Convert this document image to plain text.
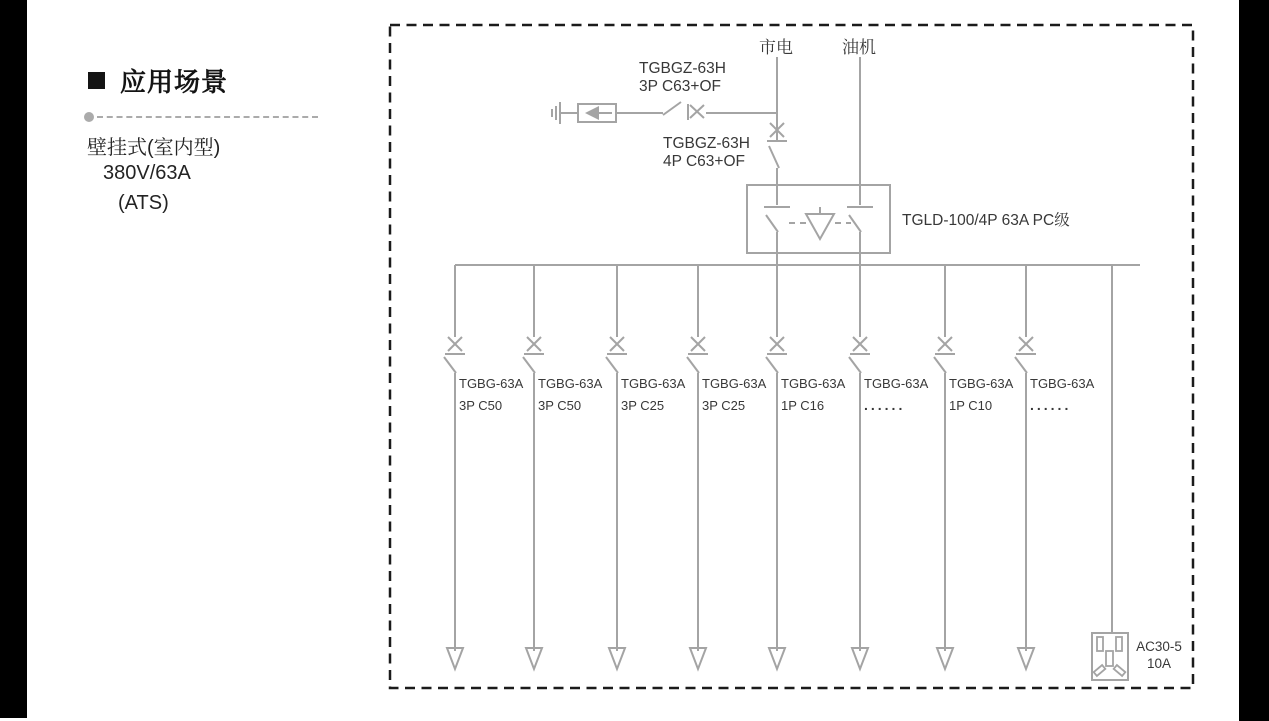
应用场景
壁挂式(室内型)
380V/63A
(ATS)
市电	油机
TGBGZ-63H
3P C63+OF
TGBGZ-63H
4P C63+OF
TGLD-100/4P 63A PC级
TGBG-63A
3P C50
TGBG-63A
3P C50
TGBG-63A
3P C25
TGBG-63A
3P C25
TGBG-63A
1P C16
TGBG-63A
......
TGBG-63A
1P C10
TGBG-63A
......
AC30-5
10A
